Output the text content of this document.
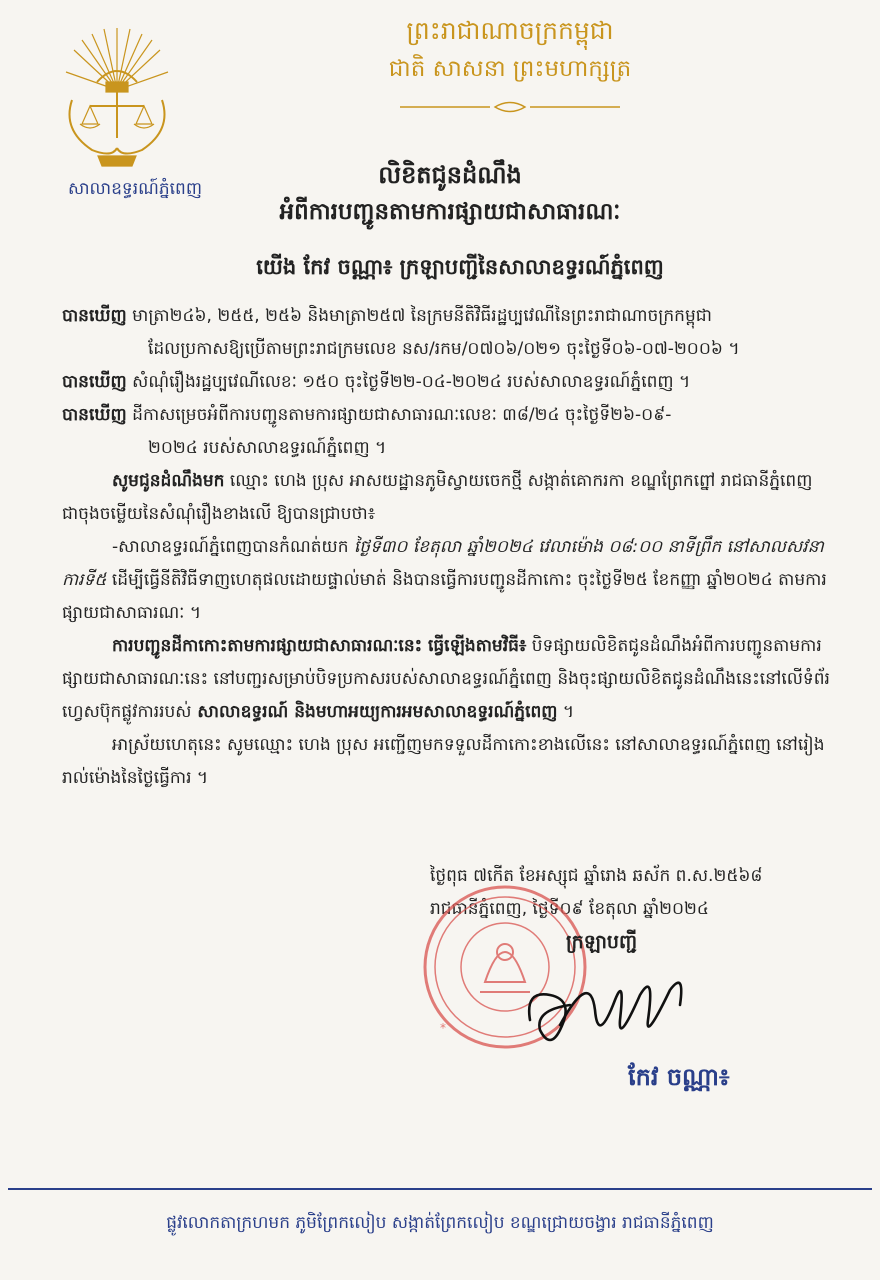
សាលាឧទ្ធរណ៍ភ្នំពេញ
ព្រះរាជាណាចក្រកម្ពុជា
ជាតិ សាសនា ព្រះមហាក្សត្រ
លិខិតជូនដំណឹង
អំពីការបញ្ជូនតាមការផ្សាយជាសាធារណៈ
យើង កែវ ចណ្ណា៖ ក្រឡាបញ្ជីនៃសាលាឧទ្ធរណ៍ភ្នំពេញ

បានឃើញ មាត្រា២៤៦, ២៥៥, ២៥៦ និងមាត្រា២៥៧ នៃក្រមនីតិវិធីរដ្ឋប្បវេណីនៃព្រះរាជាណាចក្រកម្ពុជា

ដែលប្រកាសឱ្យប្រើតាមព្រះរាជក្រមលេខ នស/រកម/០៧០៦/០២១ ចុះថ្ងៃទី០៦-០៧-២០០៦ ។

បានឃើញ សំណុំរឿងរដ្ឋប្បវេណីលេខៈ ១៥០ ចុះថ្ងៃទី២២-០៤-២០២៤ របស់សាលាឧទ្ធរណ៍ភ្នំពេញ ។

បានឃើញ ដីកាសម្រេចអំពីការបញ្ជូនតាមការផ្សាយជាសាធារណៈលេខៈ ៣៨/២៤ ចុះថ្ងៃទី២៦-០៩-

២០២៤ របស់សាលាឧទ្ធរណ៍ភ្នំពេញ ។

សូមជូនដំណឹងមក ឈ្មោះ ហេង ប្រុស អាសយដ្ឋានភូមិស្វាយចេកថ្មី សង្កាត់គោករកា ខណ្ឌព្រែកព្នៅ រាជធានីភ្នំពេញ ជាចុងចម្លើយនៃសំណុំរឿងខាងលើ ឱ្យបានជ្រាបថា៖

-សាលាឧទ្ធរណ៍ភ្នំពេញបានកំណត់យក ថ្ងៃទី៣០ ខែតុលា ឆ្នាំ២០២៤ វេលាម៉ោង ០៨:០០ នាទីព្រឹក នៅសាលសវនាការទី៥ ដើម្បីធ្វើនីតិវិធីទាញហេតុផលដោយផ្ទាល់មាត់ និងបានធ្វើការបញ្ជូនដីកាកោះ ចុះថ្ងៃទី២៥ ខែកញ្ញា ឆ្នាំ២០២៤ តាមការផ្សាយជាសាធារណៈ ។

ការបញ្ជូនដីកាកោះតាមការផ្សាយជាសាធារណៈនេះ ធ្វើឡើងតាមវិធី៖ បិទផ្សាយលិខិតជូនដំណឹងអំពីការបញ្ជូនតាមការផ្សាយជាសាធារណៈនេះ នៅបញ្ជរសម្រាប់បិទប្រកាសរបស់សាលាឧទ្ធរណ៍ភ្នំពេញ និងចុះផ្សាយលិខិតជូនដំណឹងនេះនៅលើទំព័រហ្វេសប៊ុកផ្លូវការរបស់ សាលាឧទ្ធរណ៍ និងមហាអយ្យការអមសាលាឧទ្ធរណ៍ភ្នំពេញ ។

អាស្រ័យហេតុនេះ សូមឈ្មោះ ហេង ប្រុស អញ្ជើញមកទទួលដីកាកោះខាងលើនេះ នៅសាលាឧទ្ធរណ៍ភ្នំពេញ នៅរៀងរាល់ម៉ោងនៃថ្ងៃធ្វើការ ។

ថ្ងៃពុធ ៧កើត ខែអស្សុជ ឆ្នាំរោង ឆស័ក ព.ស.២៥៦៨
រាជធានីភ្នំពេញ, ថ្ងៃទី០៩ ខែតុលា ឆ្នាំ២០២៤
*
ក្រឡាបញ្ជី
កែវ ចណ្ណា៖
ផ្លូវលោកតាក្រហមក ភូមិព្រែកលៀប សង្កាត់ព្រែកលៀប ខណ្ឌជ្រោយចង្វារ រាជធានីភ្នំពេញ
